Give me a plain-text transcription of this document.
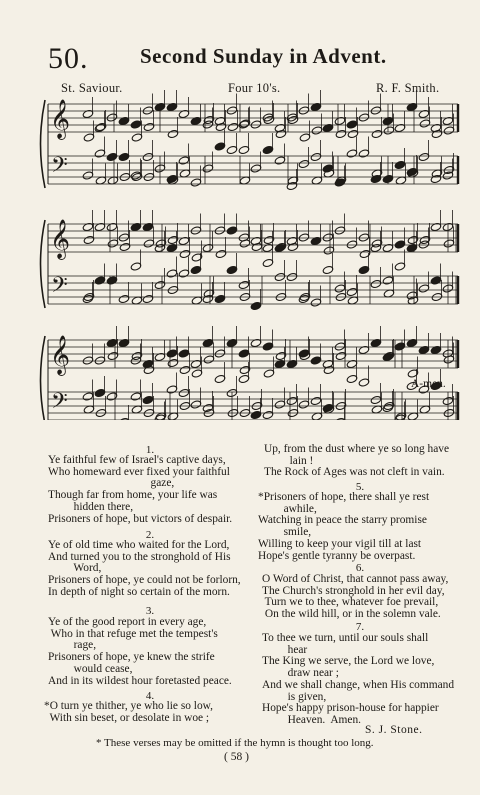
50. Second Sunday in Advent.
St. Saviour.	Four 10's.	R. F. Smith.
𝄞
𝄢
𝄞
𝄢
𝄞
𝄢
A-men.
1.
Ye faithful few of Israel's captive days,
Who homeward ever fixed your faithful
gaze,
Though far from home, your life was
hidden there,
Prisoners of hope, but victors of despair.
2.
Ye of old time who waited for the Lord,
And turned you to the stronghold of His
Word,
Prisoners of hope, ye could not be forlorn,
In depth of night so certain of the morn.
3.
Ye of the good report in every age,
Who in that refuge met the tempest's
rage,
Prisoners of hope, ye knew the strife
would cease,
And in its wildest hour foretasted peace.
4.
*O turn ye thither, ye who lie so low,
With sin beset, or desolate in woe ;
Up, from the dust where ye so long have
lain !
The Rock of Ages was not cleft in vain.
5.
*Prisoners of hope, there shall ye rest
awhile,
Watching in peace the starry promise
smile,
Willing to keep your vigil till at last
Hope's gentle tyranny be overpast.
6.
O Word of Christ, that cannot pass away,
The Church's stronghold in her evil day,
Turn we to thee, whatever foe prevail,
On the wild hill, or in the solemn vale.
7.
To thee we turn, until our souls shall
hear
The King we serve, the Lord we love,
draw near ;
And we shall change, when His command
is given,
Hope's happy prison-house for happier
Heaven.  Amen.
S. J. Stone.
* These verses may be omitted if the hymn is thought too long.
( 58 )
